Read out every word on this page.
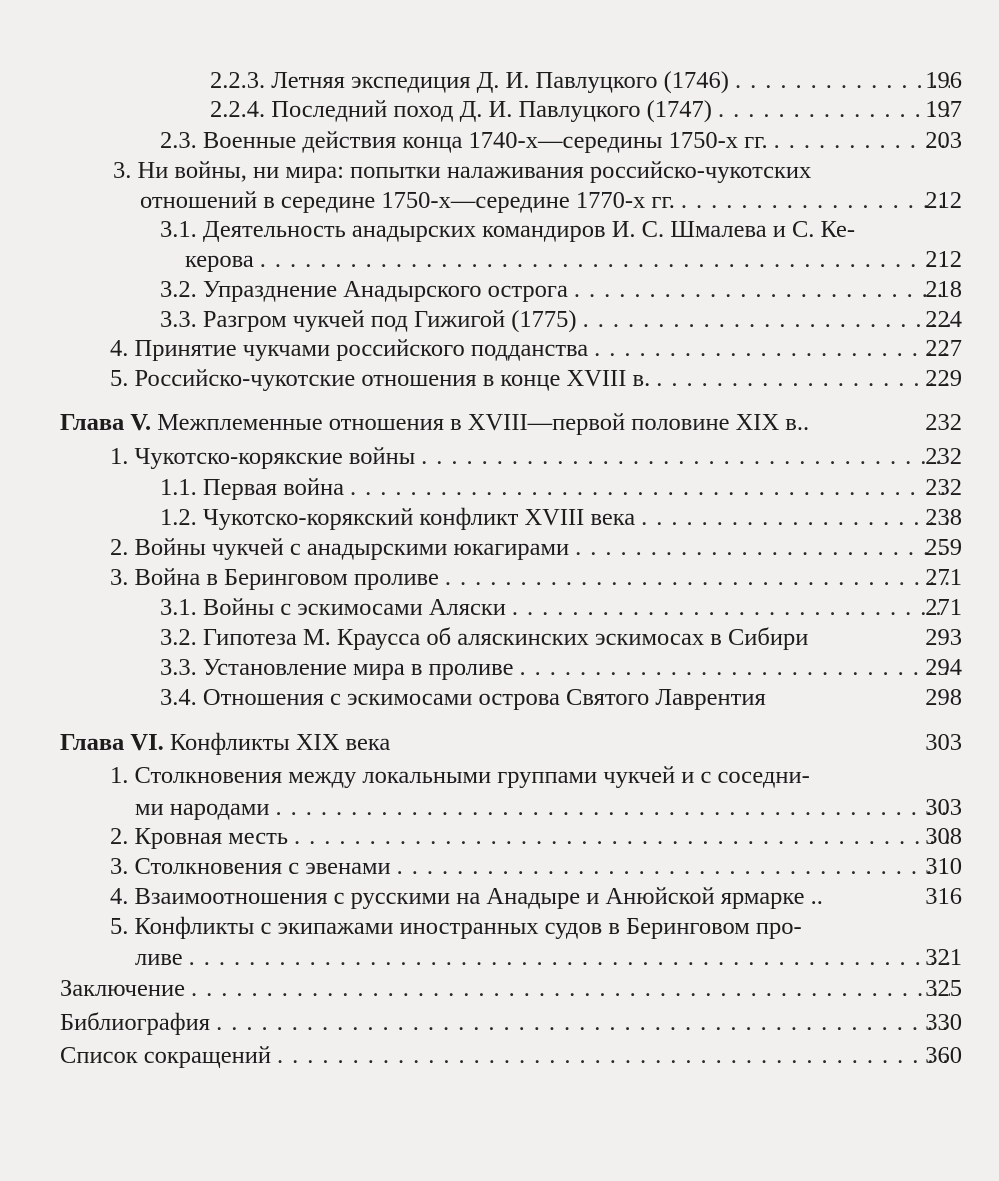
2.2.3. Летняя экспедиция Д. И. Павлуцкого (1746) .....	196
2.2.4. Последний поход Д. И. Павлуцкого (1747) .....	197
2.3. Военные действия конца 1740-х—середины 1750-х гг. .....	203
3. Ни войны, ни мира: попытки налаживания российско-чукотских
отношений в середине 1750-х—середине 1770-х гг. .....	212
3.1. Деятельность анадырских командиров И. С. Шмалева и С. Ке-
керова .....	212
3.2. Упразднение Анадырского острога .....	218
3.3. Разгром чукчей под Гижигой (1775) .....	224
4. Принятие чукчами российского подданства .....	227
5. Российско-чукотские отношения в конце XVIII в. .....	229
Глава V. Межплеменные отношения в XVIII—первой половине XIX в..	232
1. Чукотско-корякские войны .....	232
1.1. Первая война .....	232
1.2. Чукотско-корякский конфликт XVIII века .....	238
2. Войны чукчей с анадырскими юкагирами .....	259
3. Война в Беринговом проливе .....	271
3.1. Войны с эскимосами Аляски .....	271
3.2. Гипотеза М. Краусса об аляскинских эскимосах в Сибири	293
3.3. Установление мира в проливе .....	294
3.4. Отношения с эскимосами острова Святого Лаврентия	298
Глава VI. Конфликты XIX века	303
1. Столкновения между локальными группами чукчей и с соседни-
ми народами .....	303
2. Кровная месть .....	308
3. Столкновения с эвенами .....	310
4. Взаимоотношения с русскими на Анадыре и Анюйской ярмарке ..	316
5. Конфликты с экипажами иностранных судов в Беринговом про-
ливе .....	321
Заключение .....	325
Библиография .....	330
Список сокращений .....	360
